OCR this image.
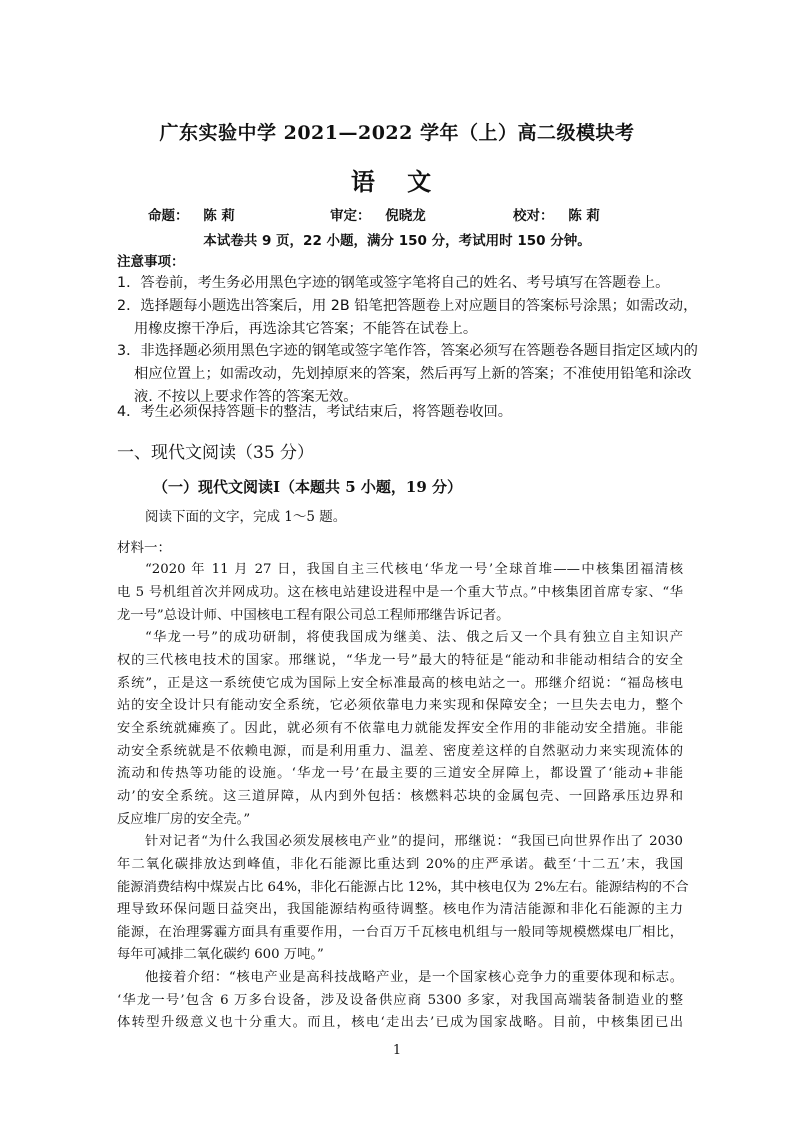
广东实验中学 2021—2022 学年（上）高二级模块考
语 文
命题： 陈 莉	审定： 倪晓龙	校对： 陈 莉
本试卷共 9 页，22 小题，满分 150 分，考试用时 150 分钟。
注意事项：
1．答卷前，考生务必用黑色字迹的钢笔或签字笔将自己的姓名、考号填写在答题卷上。
2．选择题每小题选出答案后，用 2B 铅笔把答题卷上对应题目的答案标号涂黑；如需改动，
用橡皮擦干净后，再选涂其它答案；不能答在试卷上。
3．非选择题必须用黑色字迹的钢笔或签字笔作答，答案必须写在答题卷各题目指定区域内的
相应位置上；如需改动，先划掉原来的答案，然后再写上新的答案；不准使用铅笔和涂改
液. 不按以上要求作答的答案无效。
4．考生必须保持答题卡的整洁，考试结束后，将答题卷收回。
一、现代文阅读（35 分）
（一）现代文阅读Ⅰ（本题共 5 小题，19 分）
阅读下面的文字，完成 1～5 题。
材料一：
“2020 年 11 月 27 日，我国自主三代核电‘华龙一号’全球首堆——中核集团福清核
电 5 号机组首次并网成功。这在核电站建设进程中是一个重大节点。”中核集团首席专家、“华
龙一号”总设计师、中国核电工程有限公司总工程师邢继告诉记者。
“华龙一号”的成功研制，将使我国成为继美、法、俄之后又一个具有独立自主知识产
权的三代核电技术的国家。邢继说，“华龙一号”最大的特征是“能动和非能动相结合的安全
系统”，正是这一系统使它成为国际上安全标准最高的核电站之一。邢继介绍说：“福岛核电
站的安全设计只有能动安全系统，它必须依靠电力来实现和保障安全；一旦失去电力，整个
安全系统就瘫痪了。因此，就必须有不依靠电力就能发挥安全作用的非能动安全措施。非能
动安全系统就是不依赖电源，而是利用重力、温差、密度差这样的自然驱动力来实现流体的
流动和传热等功能的设施。‘华龙一号’在最主要的三道安全屏障上，都设置了‘能动+非能
动’的安全系统。这三道屏障，从内到外包括：核燃料芯块的金属包壳、一回路承压边界和
反应堆厂房的安全壳。”
针对记者“为什么我国必须发展核电产业”的提问，邢继说：“我国已向世界作出了 2030
年二氧化碳排放达到峰值，非化石能源比重达到 20%的庄严承诺。截至‘十二五’末，我国
能源消费结构中煤炭占比 64%，非化石能源占比 12%，其中核电仅为 2%左右。能源结构的不合
理导致环保问题日益突出，我国能源结构亟待调整。核电作为清洁能源和非化石能源的主力
能源，在治理雾霾方面具有重要作用，一台百万千瓦核电机组与一般同等规模燃煤电厂相比，
每年可减排二氧化碳约 600 万吨。”
他接着介绍：“核电产业是高科技战略产业，是一个国家核心竞争力的重要体现和标志。
‘华龙一号’包含 6 万多台设备，涉及设备供应商 5300 多家，对我国高端装备制造业的整
体转型升级意义也十分重大。而且，核电‘走出去’已成为国家战略。目前，中核集团已出
1
